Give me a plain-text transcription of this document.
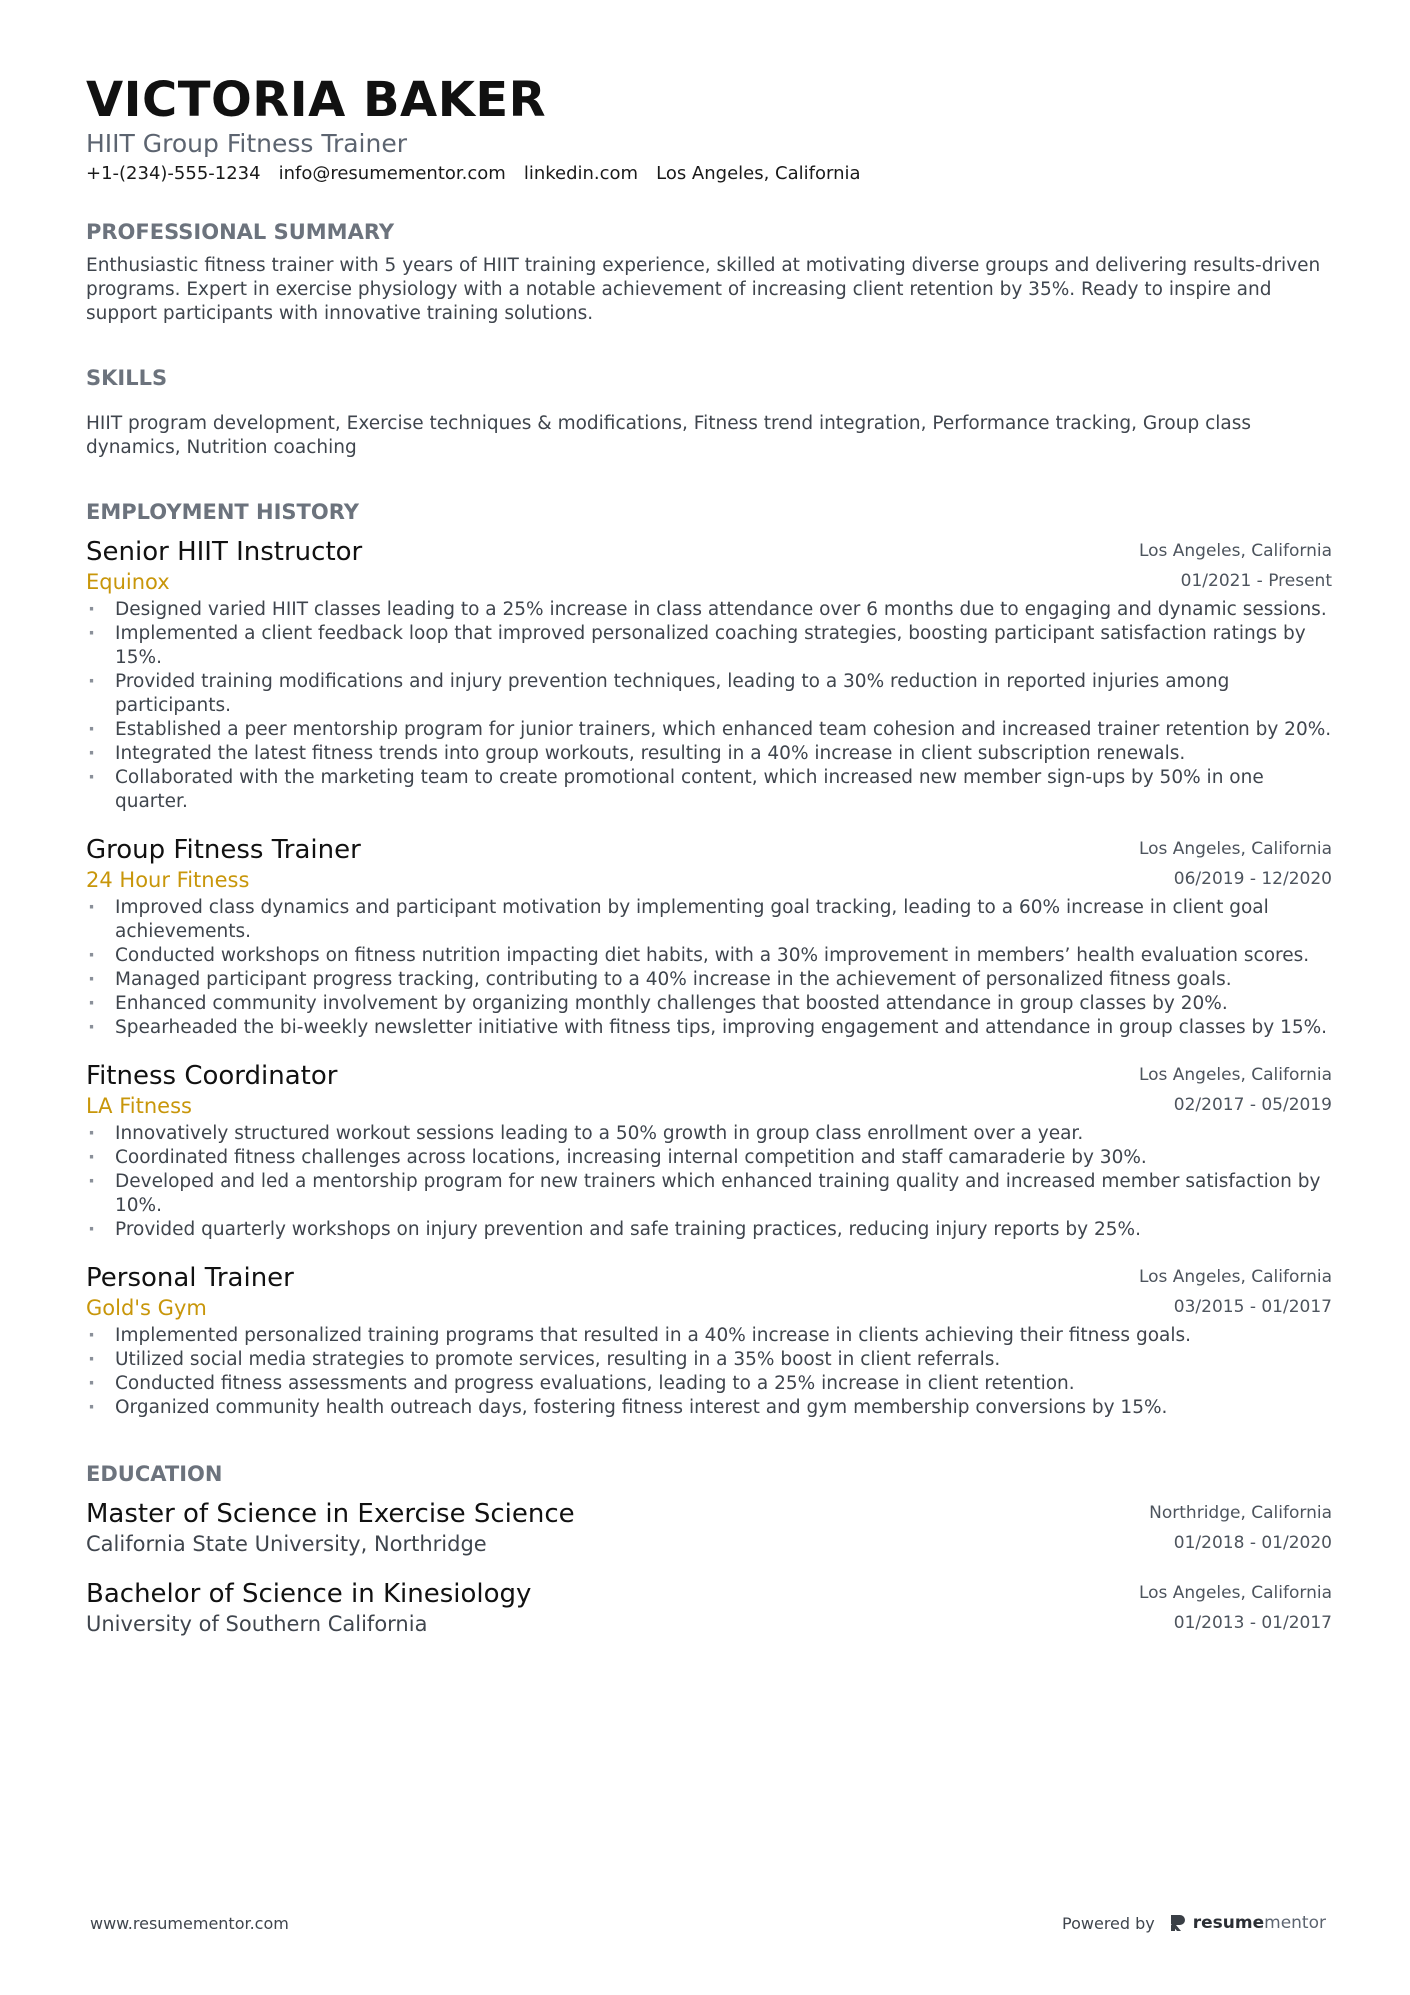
VICTORIA BAKER

HIIT Group Fitness Trainer

+1-(234)-555-1234 info@resumementor.com linkedin.com Los Angeles, California
PROFESSIONAL SUMMARY

Enthusiastic fitness trainer with 5 years of HIIT training experience, skilled at motivating diverse groups and delivering results-driven programs. Expert in exercise physiology with a notable achievement of increasing client retention by 35%. Ready to inspire and support participants with innovative training solutions.

SKILLS

HIIT program development, Exercise techniques & modifications, Fitness trend integration, Performance tracking, Group class dynamics, Nutrition coaching

EMPLOYMENT HISTORY
Senior HIIT Instructor
Equinox
Los Angeles, California
01/2021 - Present
· Designed varied HIIT classes leading to a 25% increase in class attendance over 6 months due to engaging and dynamic sessions.
· Implemented a client feedback loop that improved personalized coaching strategies, boosting participant satisfaction ratings by 15%.
· Provided training modifications and injury prevention techniques, leading to a 30% reduction in reported injuries among participants.
· Established a peer mentorship program for junior trainers, which enhanced team cohesion and increased trainer retention by 20%.
· Integrated the latest fitness trends into group workouts, resulting in a 40% increase in client subscription renewals.
· Collaborated with the marketing team to create promotional content, which increased new member sign-ups by 50% in one quarter.
Group Fitness Trainer
24 Hour Fitness
Los Angeles, California
06/2019 - 12/2020
· Improved class dynamics and participant motivation by implementing goal tracking, leading to a 60% increase in client goal achievements.
· Conducted workshops on fitness nutrition impacting diet habits, with a 30% improvement in members’ health evaluation scores.
· Managed participant progress tracking, contributing to a 40% increase in the achievement of personalized fitness goals.
· Enhanced community involvement by organizing monthly challenges that boosted attendance in group classes by 20%.
· Spearheaded the bi-weekly newsletter initiative with fitness tips, improving engagement and attendance in group classes by 15%.
Fitness Coordinator
LA Fitness
Los Angeles, California
02/2017 - 05/2019
· Innovatively structured workout sessions leading to a 50% growth in group class enrollment over a year.
· Coordinated fitness challenges across locations, increasing internal competition and staff camaraderie by 30%.
· Developed and led a mentorship program for new trainers which enhanced training quality and increased member satisfaction by 10%.
· Provided quarterly workshops on injury prevention and safe training practices, reducing injury reports by 25%.
Personal Trainer
Gold's Gym
Los Angeles, California
03/2015 - 01/2017
· Implemented personalized training programs that resulted in a 40% increase in clients achieving their fitness goals.
· Utilized social media strategies to promote services, resulting in a 35% boost in client referrals.
· Conducted fitness assessments and progress evaluations, leading to a 25% increase in client retention.
· Organized community health outreach days, fostering fitness interest and gym membership conversions by 15%.
EDUCATION
Master of Science in Exercise Science
California State University, Northridge
Northridge, California
01/2018 - 01/2020
Bachelor of Science in Kinesiology
University of Southern California
Los Angeles, California
01/2013 - 01/2017
www.resumementor.com	Powered by resumementor
